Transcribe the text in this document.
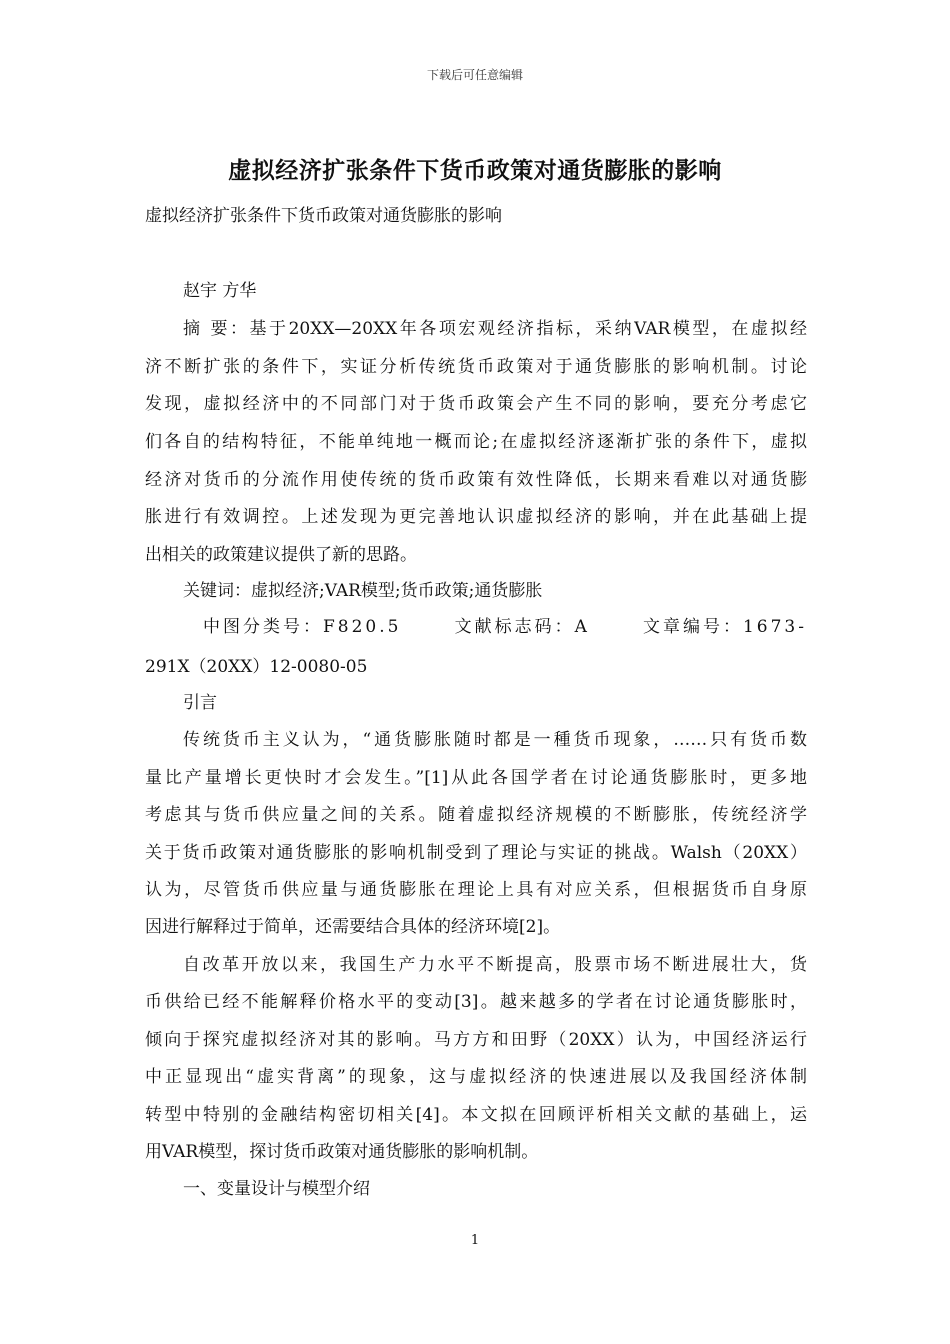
下载后可任意编辑
虚拟经济扩张条件下货币政策对通货膨胀的影响
虚拟经济扩张条件下货币政策对通货膨胀的影响
赵宇 方华
摘 要：基于20XX—20XX年各项宏观经济指标，采纳VAR模型，在虚拟经
济不断扩张的条件下，实证分析传统货币政策对于通货膨胀的影响机制。讨论
发现，虚拟经济中的不同部门对于货币政策会产生不同的影响，要充分考虑它
们各自的结构特征，不能单纯地一概而论;在虚拟经济逐渐扩张的条件下，虚拟
经济对货币的分流作用使传统的货币政策有效性降低，长期来看难以对通货膨
胀进行有效调控。上述发现为更完善地认识虚拟经济的影响，并在此基础上提
出相关的政策建议提供了新的思路。
关键词：虚拟经济;VAR模型;货币政策;通货膨胀
中图分类号：F820.5	文献标志码：A	文章编号：1673-
291X（20XX）12-0080-05
引言
传统货币主义认为，“通货膨胀随时都是一種货币现象，……只有货币数
量比产量增长更快时才会发生。”[1]从此各国学者在讨论通货膨胀时，更多地
考虑其与货币供应量之间的关系。随着虚拟经济规模的不断膨胀，传统经济学
关于货币政策对通货膨胀的影响机制受到了理论与实证的挑战。Walsh（20XX）
认为，尽管货币供应量与通货膨胀在理论上具有对应关系，但根据货币自身原
因进行解释过于简单，还需要结合具体的经济环境[2]。
自改革开放以来，我国生产力水平不断提高，股票市场不断进展壮大，货
币供给已经不能解释价格水平的变动[3]。越来越多的学者在讨论通货膨胀时，
倾向于探究虚拟经济对其的影响。马方方和田野（20XX）认为，中国经济运行
中正显现出“虚实背离”的现象，这与虚拟经济的快速进展以及我国经济体制
转型中特别的金融结构密切相关[4]。本文拟在回顾评析相关文献的基础上，运
用VAR模型，探讨货币政策对通货膨胀的影响机制。
一、变量设计与模型介绍
1
